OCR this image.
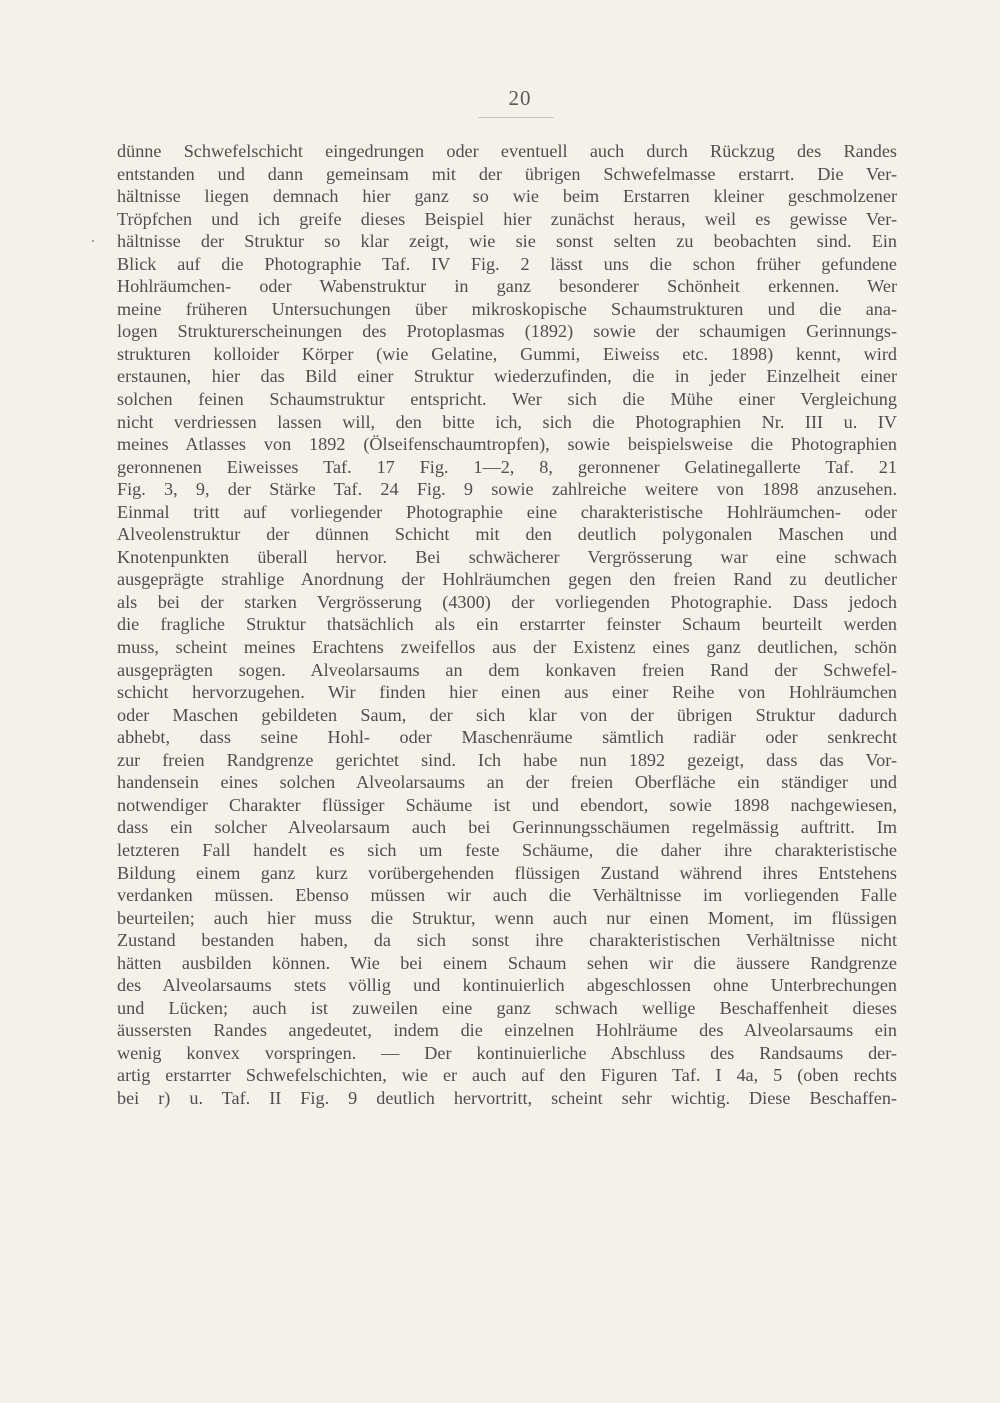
20
dünne Schwefelschicht eingedrungen oder eventuell auch durch Rückzug des Randes
entstanden und dann gemeinsam mit der übrigen Schwefelmasse erstarrt. Die Ver-
hältnisse liegen demnach hier ganz so wie beim Erstarren kleiner geschmolzener
Tröpfchen und ich greife dieses Beispiel hier zunächst heraus, weil es gewisse Ver-
hältnisse der Struktur so klar zeigt, wie sie sonst selten zu beobachten sind. Ein
Blick auf die Photographie Taf. IV Fig. 2 lässt uns die schon früher gefundene
Hohlräumchen- oder Wabenstruktur in ganz besonderer Schönheit erkennen. Wer
meine früheren Untersuchungen über mikroskopische Schaumstrukturen und die ana-
logen Strukturerscheinungen des Protoplasmas (1892) sowie der schaumigen Gerinnungs-
strukturen kolloider Körper (wie Gelatine, Gummi, Eiweiss etc. 1898) kennt, wird
erstaunen, hier das Bild einer Struktur wiederzufinden, die in jeder Einzelheit einer
solchen feinen Schaumstruktur entspricht. Wer sich die Mühe einer Vergleichung
nicht verdriessen lassen will, den bitte ich, sich die Photographien Nr. III u. IV
meines Atlasses von 1892 (Ölseifenschaumtropfen), sowie beispielsweise die Photographien
geronnenen Eiweisses Taf. 17 Fig. 1—2, 8, geronnener Gelatinegallerte Taf. 21
Fig. 3, 9, der Stärke Taf. 24 Fig. 9 sowie zahlreiche weitere von 1898 anzusehen.
Einmal tritt auf vorliegender Photographie eine charakteristische Hohlräumchen- oder
Alveolenstruktur der dünnen Schicht mit den deutlich polygonalen Maschen und
Knotenpunkten überall hervor. Bei schwächerer Vergrösserung war eine schwach
ausgeprägte strahlige Anordnung der Hohlräumchen gegen den freien Rand zu deutlicher
als bei der starken Vergrösserung (4300) der vorliegenden Photographie. Dass jedoch
die fragliche Struktur thatsächlich als ein erstarrter feinster Schaum beurteilt werden
muss, scheint meines Erachtens zweifellos aus der Existenz eines ganz deutlichen, schön
ausgeprägten sogen. Alveolarsaums an dem konkaven freien Rand der Schwefel-
schicht hervorzugehen. Wir finden hier einen aus einer Reihe von Hohlräumchen
oder Maschen gebildeten Saum, der sich klar von der übrigen Struktur dadurch
abhebt, dass seine Hohl- oder Maschenräume sämtlich radiär oder senkrecht
zur freien Randgrenze gerichtet sind. Ich habe nun 1892 gezeigt, dass das Vor-
handensein eines solchen Alveolarsaums an der freien Oberfläche ein ständiger und
notwendiger Charakter flüssiger Schäume ist und ebendort, sowie 1898 nachgewiesen,
dass ein solcher Alveolarsaum auch bei Gerinnungsschäumen regelmässig auftritt. Im
letzteren Fall handelt es sich um feste Schäume, die daher ihre charakteristische
Bildung einem ganz kurz vorübergehenden flüssigen Zustand während ihres Entstehens
verdanken müssen. Ebenso müssen wir auch die Verhältnisse im vorliegenden Falle
beurteilen; auch hier muss die Struktur, wenn auch nur einen Moment, im flüssigen
Zustand bestanden haben, da sich sonst ihre charakteristischen Verhältnisse nicht
hätten ausbilden können. Wie bei einem Schaum sehen wir die äussere Randgrenze
des Alveolarsaums stets völlig und kontinuierlich abgeschlossen ohne Unterbrechungen
und Lücken; auch ist zuweilen eine ganz schwach wellige Beschaffenheit dieses
äussersten Randes angedeutet, indem die einzelnen Hohlräume des Alveolarsaums ein
wenig konvex vorspringen. — Der kontinuierliche Abschluss des Randsaums der-
artig erstarrter Schwefelschichten, wie er auch auf den Figuren Taf. I 4a, 5 (oben rechts
bei r) u. Taf. II Fig. 9 deutlich hervortritt, scheint sehr wichtig. Diese Beschaffen-
